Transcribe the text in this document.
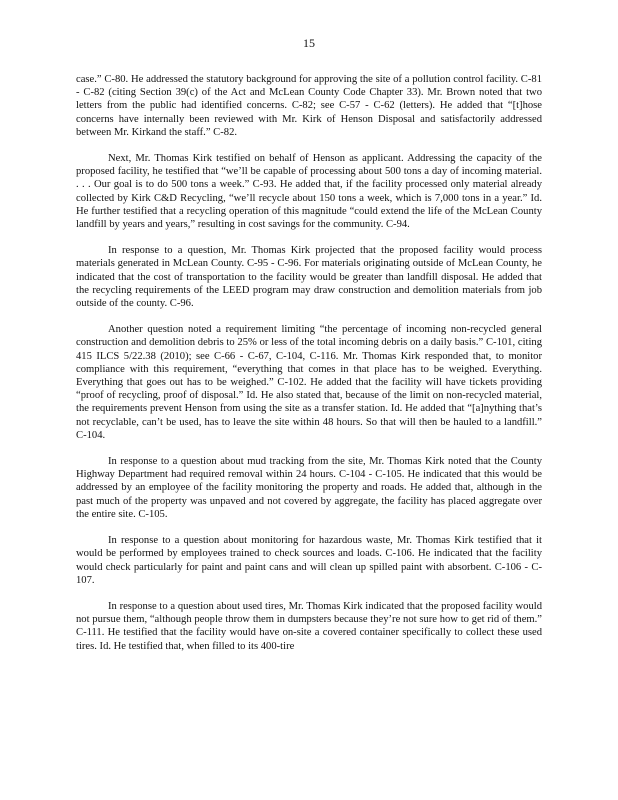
15

case.” C-80. He addressed the statutory background for approving the site of a pollution control facility. C-81 - C-82 (citing Section 39(c) of the Act and McLean County Code Chapter 33). Mr. Brown noted that two letters from the public had identified concerns. C-82; see C-57 - C-62 (letters). He added that “[t]hose concerns have internally been reviewed with Mr. Kirk of Henson Disposal and satisfactorily addressed between Mr. Kirkand the staff.” C-82.

Next, Mr. Thomas Kirk testified on behalf of Henson as applicant. Addressing the capacity of the proposed facility, he testified that “we’ll be capable of processing about 500 tons a day of incoming material. . . . Our goal is to do 500 tons a week.” C-93. He added that, if the facility processed only material already collected by Kirk C&D Recycling, “we’ll recycle about 150 tons a week, which is 7,000 tons in a year.” Id. He further testified that a recycling operation of this magnitude “could extend the life of the McLean County landfill by years and years,” resulting in cost savings for the community. C-94.

In response to a question, Mr. Thomas Kirk projected that the proposed facility would process materials generated in McLean County. C-95 - C-96. For materials originating outside of McLean County, he indicated that the cost of transportation to the facility would be greater than landfill disposal. He added that the recycling requirements of the LEED program may draw construction and demolition materials from job outside of the county. C-96.

Another question noted a requirement limiting “the percentage of incoming non-recycled general construction and demolition debris to 25% or less of the total incoming debris on a daily basis.” C-101, citing 415 ILCS 5/22.38 (2010); see C-66 - C-67, C-104, C-116. Mr. Thomas Kirk responded that, to monitor compliance with this requirement, “everything that comes in that place has to be weighed. Everything. Everything that goes out has to be weighed.” C-102. He added that the facility will have tickets providing “proof of recycling, proof of disposal.” Id. He also stated that, because of the limit on non-recycled material, the requirements prevent Henson from using the site as a transfer station. Id. He added that “[a]nything that’s not recyclable, can’t be used, has to leave the site within 48 hours. So that will then be hauled to a landfill.” C-104.

In response to a question about mud tracking from the site, Mr. Thomas Kirk noted that the County Highway Department had required removal within 24 hours. C-104 - C-105. He indicated that this would be addressed by an employee of the facility monitoring the property and roads. He added that, although in the past much of the property was unpaved and not covered by aggregate, the facility has placed aggregate over the entire site. C-105.

In response to a question about monitoring for hazardous waste, Mr. Thomas Kirk testified that it would be performed by employees trained to check sources and loads. C-106. He indicated that the facility would check particularly for paint and paint cans and will clean up spilled paint with absorbent. C-106 - C-107.

In response to a question about used tires, Mr. Thomas Kirk indicated that the proposed facility would not pursue them, “although people throw them in dumpsters because they’re not sure how to get rid of them.” C-111. He testified that the facility would have on-site a covered container specifically to collect these used tires. Id. He testified that, when filled to its 400-tire
